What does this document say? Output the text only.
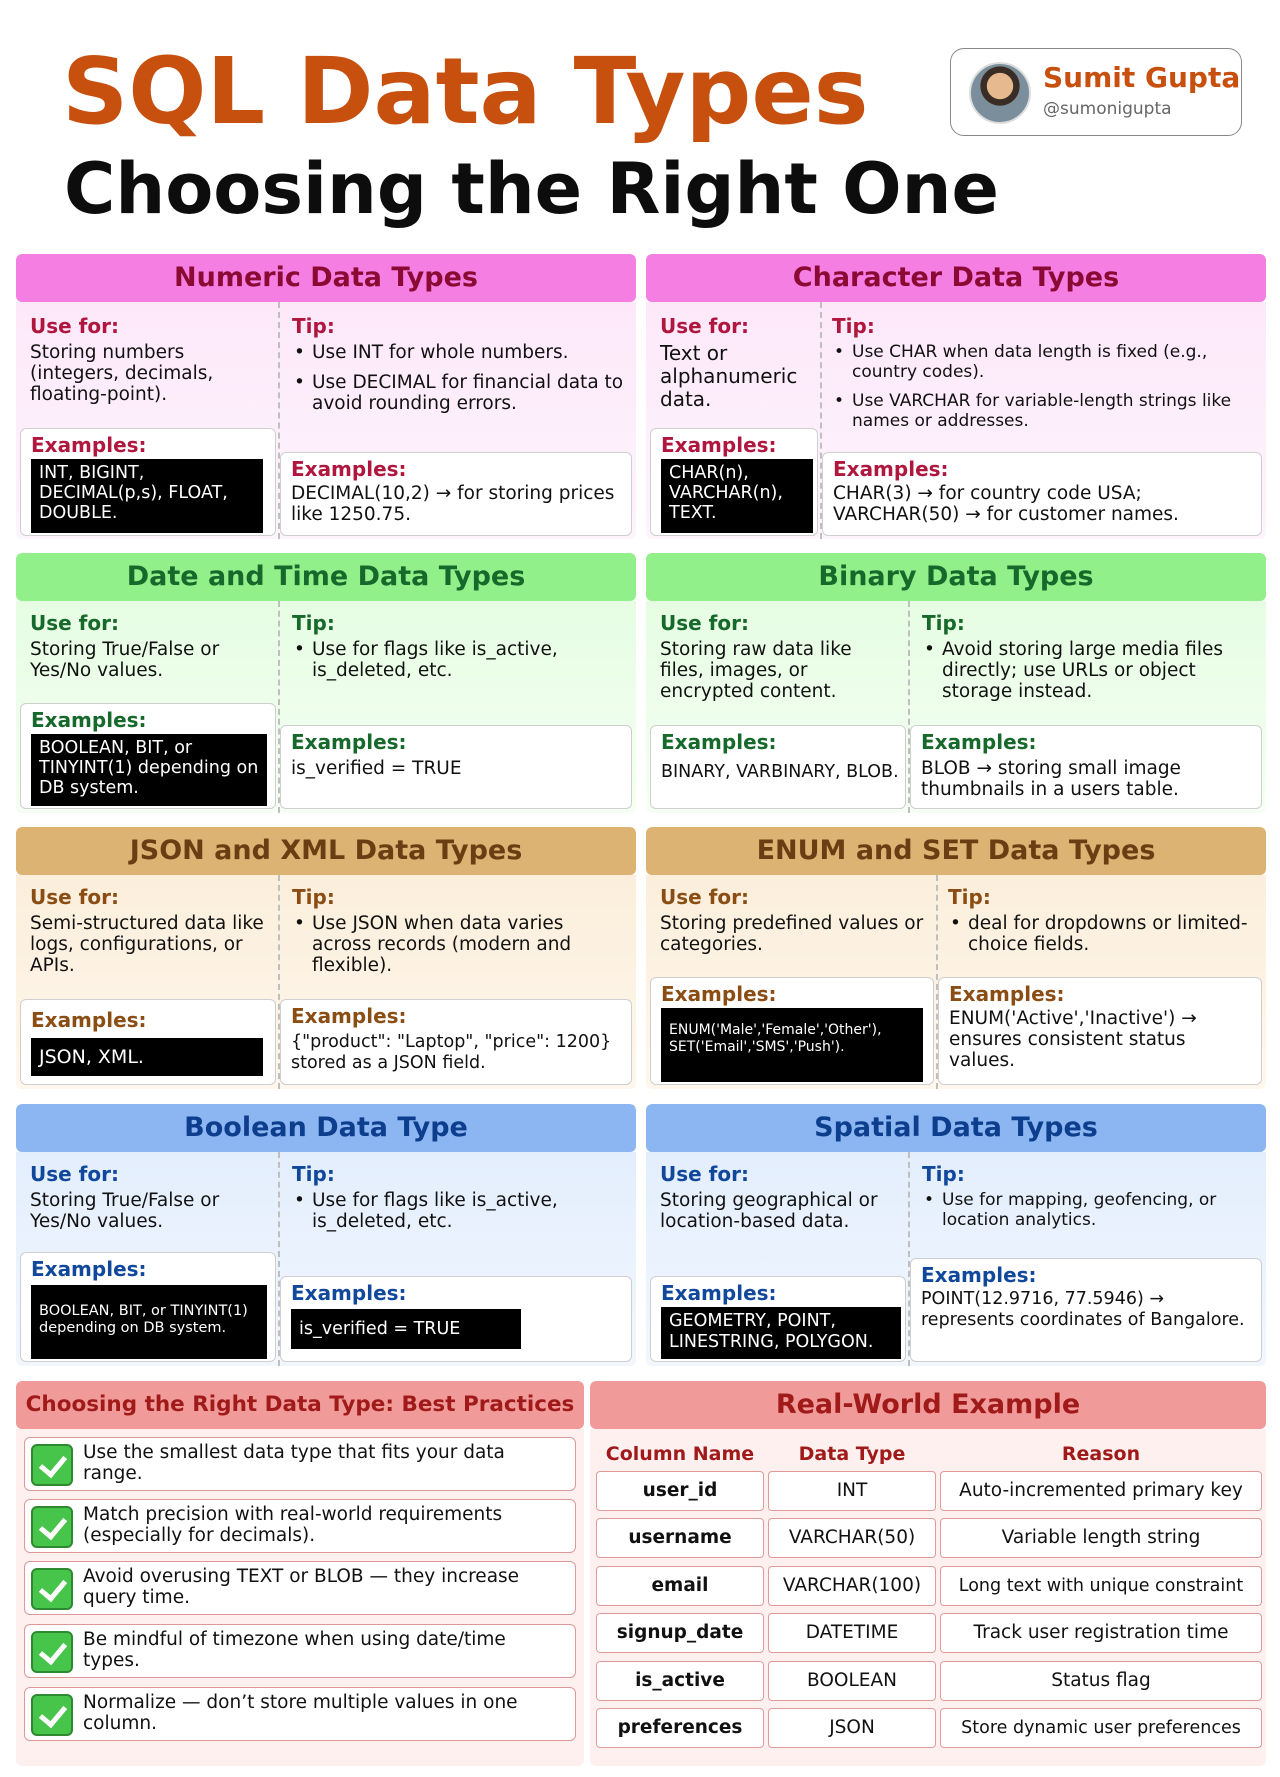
SQL Data Types
Choosing the Right One
Sumit Gupta
@sumonigupta
Numeric Data Types
Use for:
Storing numbers (integers, decimals, floating-point).
Tip:
• Use INT for whole numbers.
• Use DECIMAL for financial data to avoid rounding errors.
Examples:
INT, BIGINT, DECIMAL(p,s), FLOAT, DOUBLE.
Examples:
DECIMAL(10,2) → for storing prices like 1250.75.
Character Data Types
Use for:
Text or alphanumeric data.
Tip:
• Use CHAR when data length is fixed (e.g., country codes).
• Use VARCHAR for variable-length strings like names or addresses.
Examples:
CHAR(n), VARCHAR(n), TEXT.
Examples:
CHAR(3) → for country code USA; VARCHAR(50) → for customer names.
Date and Time Data Types
Use for:
Storing True/False or Yes/No values.
Tip:
• Use for flags like is_active, is_deleted, etc.
Examples:
BOOLEAN, BIT, or TINYINT(1) depending on DB system.
Examples:
is_verified = TRUE
Binary Data Types
Use for:
Storing raw data like files, images, or encrypted content.
Tip:
• Avoid storing large media files directly; use URLs or object storage instead.
Examples:
BINARY, VARBINARY, BLOB.
Examples:
BLOB → storing small image thumbnails in a users table.
JSON and XML Data Types
Use for:
Semi-structured data like logs, configurations, or APIs.
Tip:
• Use JSON when data varies across records (modern and flexible).
Examples:
JSON, XML.
Examples:
{"product": "Laptop", "price": 1200} stored as a JSON field.
ENUM and SET Data Types
Use for:
Storing predefined values or categories.
Tip:
• deal for dropdowns or limited-choice fields.
Examples:
ENUM('Male','Female','Other'), SET('Email','SMS','Push').
Examples:
ENUM('Active','Inactive') → ensures consistent status values.
Boolean Data Type
Use for:
Storing True/False or Yes/No values.
Tip:
• Use for flags like is_active, is_deleted, etc.
Examples:
BOOLEAN, BIT, or TINYINT(1) depending on DB system.
Examples:
is_verified = TRUE
Spatial Data Types
Use for:
Storing geographical or location-based data.
Tip:
• Use for mapping, geofencing, or location analytics.
Examples:
GEOMETRY, POINT, LINESTRING, POLYGON.
Examples:
POINT(12.9716, 77.5946) → represents coordinates of Bangalore.
Choosing the Right Data Type: Best Practices
Use the smallest data type that fits your data range.
Match precision with real-world requirements (especially for decimals).
Avoid overusing TEXT or BLOB — they increase query time.
Be mindful of timezone when using date/time types.
Normalize — don’t store multiple values in one column.
Real-World Example
Column Name	Data Type	Reason
user_id	INT	Auto-incremented primary key
username	VARCHAR(50)	Variable length string
email	VARCHAR(100)	Long text with unique constraint
signup_date	DATETIME	Track user registration time
is_active	BOOLEAN	Status flag
preferences	JSON	Store dynamic user preferences
